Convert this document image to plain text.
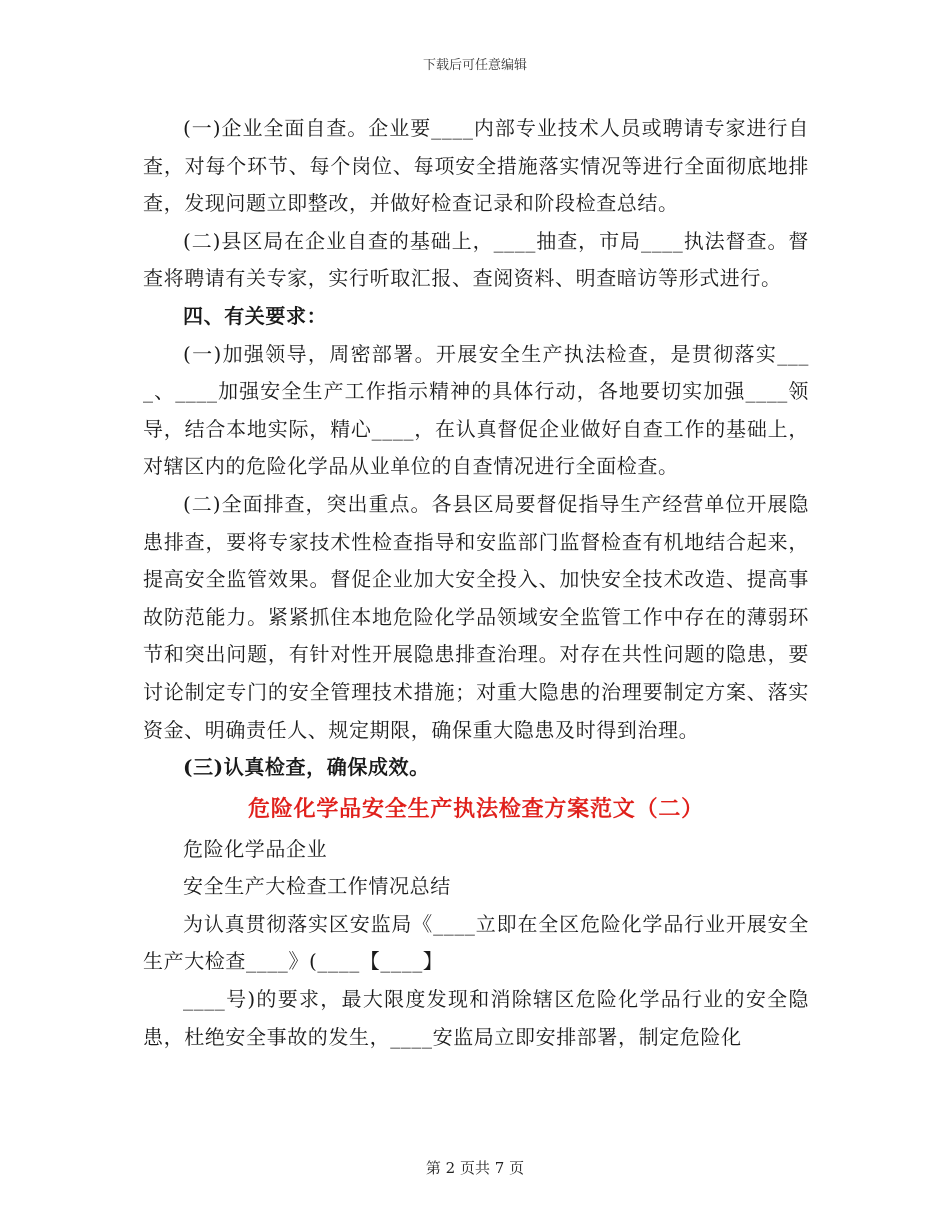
下载后可任意编辑

(一)企业全面自查。企业要____内部专业技术人员或聘请专家进行自查，对每个环节、每个岗位、每项安全措施落实情况等进行全面彻底地排查，发现问题立即整改，并做好检查记录和阶段检查总结。

(二)县区局在企业自查的基础上，____抽查，市局____执法督查。督查将聘请有关专家，实行听取汇报、查阅资料、明查暗访等形式进行。

四、有关要求：

(一)加强领导，周密部署。开展安全生产执法检查，是贯彻落实____、____加强安全生产工作指示精神的具体行动，各地要切实加强____领导，结合本地实际，精心____，在认真督促企业做好自查工作的基础上，对辖区内的危险化学品从业单位的自查情况进行全面检查。

(二)全面排查，突出重点。各县区局要督促指导生产经营单位开展隐患排查，要将专家技术性检查指导和安监部门监督检查有机地结合起来，提高安全监管效果。督促企业加大安全投入、加快安全技术改造、提高事故防范能力。紧紧抓住本地危险化学品领域安全监管工作中存在的薄弱环节和突出问题，有针对性开展隐患排查治理。对存在共性问题的隐患，要讨论制定专门的安全管理技术措施；对重大隐患的治理要制定方案、落实资金、明确责任人、规定期限，确保重大隐患及时得到治理。

(三)认真检查，确保成效。

危险化学品安全生产执法检查方案范文（二）

危险化学品企业

安全生产大检查工作情况总结

为认真贯彻落实区安监局《____立即在全区危险化学品行业开展安全生产大检查____》(____【____】

____号)的要求，最大限度发现和消除辖区危险化学品行业的安全隐患，杜绝安全事故的发生，____安监局立即安排部署，制定危险化

第 2 页共 7 页
